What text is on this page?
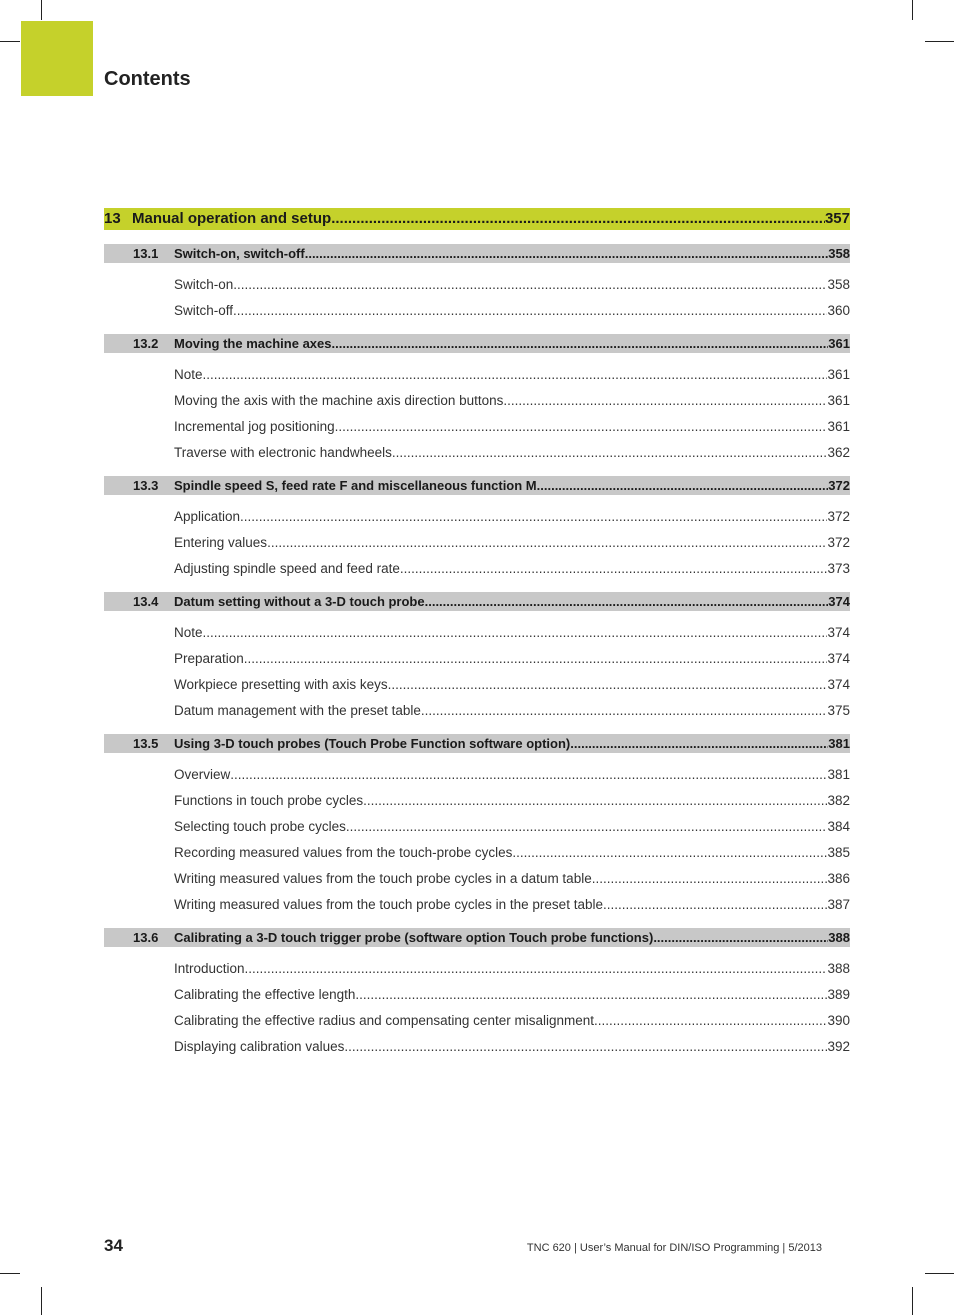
Contents
13 Manual operation and setup .....	357
13.1	Switch-on, switch-off .....	358
Switch-on .....	358
Switch-off .....	360
13.2	Moving the machine axes .....	361
Note .....	361
Moving the axis with the machine axis direction buttons .....	361
Incremental jog positioning .....	361
Traverse with electronic handwheels .....	362
13.3	Spindle speed S, feed rate F and miscellaneous function M .....	372
Application .....	372
Entering values .....	372
Adjusting spindle speed and feed rate .....	373
13.4	Datum setting without a 3-D touch probe .....	374
Note .....	374
Preparation .....	374
Workpiece presetting with axis keys .....	374
Datum management with the preset table .....	375
13.5	Using 3-D touch probes (Touch Probe Function software option) .....	381
Overview .....	381
Functions in touch probe cycles .....	382
Selecting touch probe cycles .....	384
Recording measured values from the touch-probe cycles .....	385
Writing measured values from the touch probe cycles in a datum table .....	386
Writing measured values from the touch probe cycles in the preset table .....	387
13.6	Calibrating a 3-D touch trigger probe (software option Touch probe functions) .....	388
Introduction .....	388
Calibrating the effective length .....	389
Calibrating the effective radius and compensating center misalignment .....	390
Displaying calibration values .....	392
34	TNC 620 | User’s Manual for DIN/ISO Programming | 5/2013
